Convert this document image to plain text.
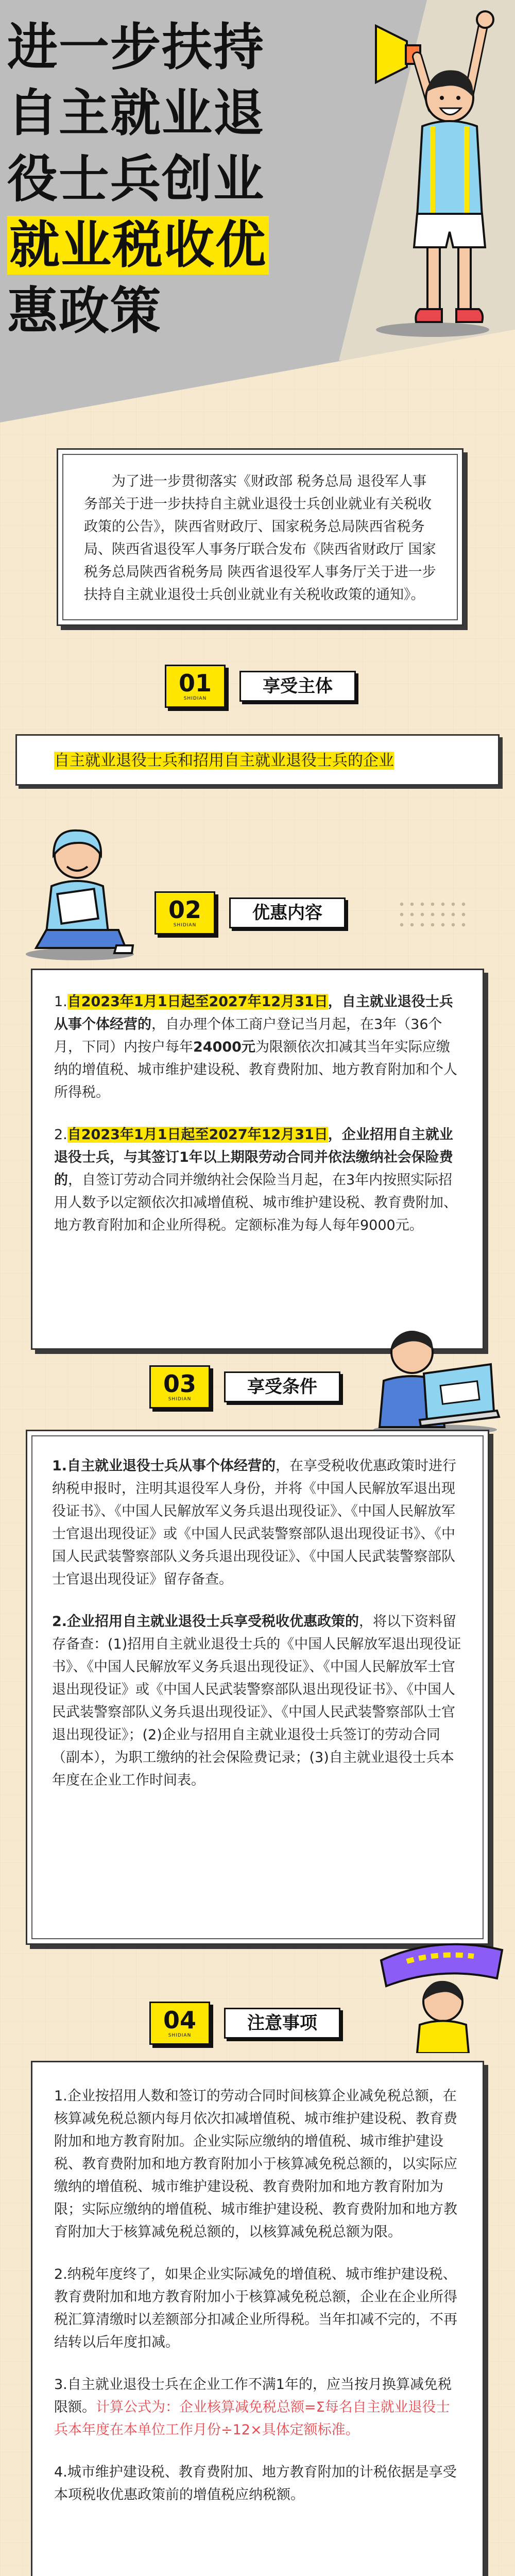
进一步扶持
自主就业退
役士兵创业
就业税收优
惠政策
为了进一步贯彻落实《财政部 税务总局 退役军人事务部关于进一步扶持自主就业退役士兵创业就业有关税收政策的公告》，陕西省财政厅、国家税务总局陕西省税务局、陕西省退役军人事务厅联合发布《陕西省财政厅 国家税务总局陕西省税务局 陕西省退役军人事务厅关于进一步扶持自主就业退役士兵创业就业有关税收政策的通知》。
01
SHIDIAN
享受主体
自主就业退役士兵和招用自主就业退役士兵的企业
02
SHIDIAN
优惠内容

1.自2023年1月1日起至2027年12月31日，自主就业退役士兵从事个体经营的，自办理个体工商户登记当月起，在3年（36个月，下同）内按户每年24000元为限额依次扣减其当年实际应缴纳的增值税、城市维护建设税、教育费附加、地方教育附加和个人所得税。

2.自2023年1月1日起至2027年12月31日，企业招用自主就业退役士兵，与其签订1年以上期限劳动合同并依法缴纳社会保险费的，自签订劳动合同并缴纳社会保险当月起，在3年内按照实际招用人数予以定额依次扣减增值税、城市维护建设税、教育费附加、地方教育附加和企业所得税。定额标准为每人每年9000元。

03
SHIDIAN
享受条件

1.自主就业退役士兵从事个体经营的，在享受税收优惠政策时进行纳税申报时，注明其退役军人身份，并将《中国人民解放军退出现役证书》、《中国人民解放军义务兵退出现役证》、《中国人民解放军士官退出现役证》或《中国人民武装警察部队退出现役证书》、《中国人民武装警察部队义务兵退出现役证》、《中国人民武装警察部队士官退出现役证》留存备查。

2.企业招用自主就业退役士兵享受税收优惠政策的，将以下资料留存备查：(1)招用自主就业退役士兵的《中国人民解放军退出现役证书》、《中国人民解放军义务兵退出现役证》、《中国人民解放军士官退出现役证》或《中国人民武装警察部队退出现役证书》、《中国人民武装警察部队义务兵退出现役证》、《中国人民武装警察部队士官退出现役证》；(2)企业与招用自主就业退役士兵签订的劳动合同（副本），为职工缴纳的社会保险费记录；(3)自主就业退役士兵本年度在企业工作时间表。

04
SHIDIAN
注意事项

1.企业按招用人数和签订的劳动合同时间核算企业减免税总额，在核算减免税总额内每月依次扣减增值税、城市维护建设税、教育费附加和地方教育附加。企业实际应缴纳的增值税、城市维护建设税、教育费附加和地方教育附加小于核算减免税总额的，以实际应缴纳的增值税、城市维护建设税、教育费附加和地方教育附加为限；实际应缴纳的增值税、城市维护建设税、教育费附加和地方教育附加大于核算减免税总额的，以核算减免税总额为限。

2.纳税年度终了，如果企业实际减免的增值税、城市维护建设税、教育费附加和地方教育附加小于核算减免税总额，企业在企业所得税汇算清缴时以差额部分扣减企业所得税。当年扣减不完的，不再结转以后年度扣减。

3.自主就业退役士兵在企业工作不满1年的，应当按月换算减免税限额。计算公式为：企业核算减免税总额=Σ每名自主就业退役士兵本年度在本单位工作月份÷12×具体定额标准。

4.城市维护建设税、教育费附加、地方教育附加的计税依据是享受本项税收优惠政策前的增值税应纳税额。
